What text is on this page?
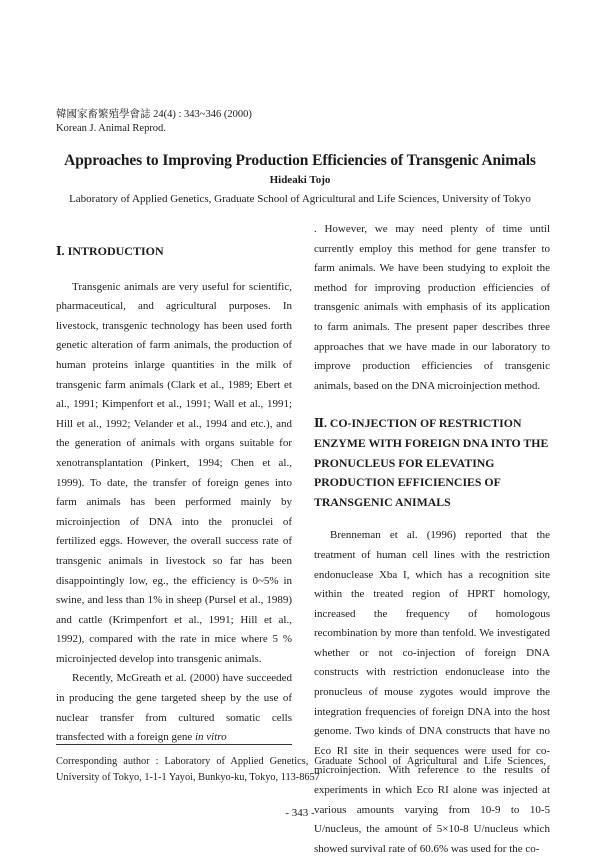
韓國家畜繁殖學會誌 24(4) : 343~346 (2000)
Korean J. Animal Reprod.
Approaches to Improving Production Efficiencies of Transgenic Animals
Hideaki Tojo
Laboratory of Applied Genetics, Graduate School of Agricultural and Life Sciences, University of Tokyo

Ⅰ. INTRODUCTION

Transgenic animals are very useful for scientific, pharmaceutical, and agricultural purposes. In livestock, transgenic technology has been used forth genetic alteration of farm animals, the production of human proteins inlarge quantities in the milk of transgenic farm animals (Clark et al., 1989; Ebert et al., 1991; Kimpenfort et al., 1991; Wall et al., 1991; Hill et al., 1992; Velander et al., 1994 and etc.), and the generation of animals with organs suitable for xenotransplantation (Pinkert, 1994; Chen et al., 1999). To date, the transfer of foreign genes into farm animals has been performed mainly by microinjection of DNA into the pronuclei of fertilized eggs. However, the overall success rate of transgenic animals in livestock so far has been disappointingly low, eg., the efficiency is 0~5% in swine, and less than 1% in sheep (Pursel et al., 1989) and cattle (Krimpenfort et al., 1991; Hill et al., 1992), compared with the rate in mice where 5 % microinjected develop into transgenic animals.

Recently, McGreath et al. (2000) have succeeded in producing the gene targeted sheep by the use of nuclear transfer from cultured somatic cells transfected with a foreign gene in vitro

. However, we may need plenty of time until currently employ this method for gene transfer to farm animals. We have been studying to exploit the method for improving production efficiencies of transgenic animals with emphasis of its application to farm animals. The present paper describes three approaches that we have made in our laboratory to improve production efficiencies of transgenic animals, based on the DNA microinjection method.

Ⅱ. CO-INJECTION OF RESTRICTION ENZYME WITH FOREIGN DNA INTO THE PRONUCLEUS FOR ELEVATING PRODUCTION EFFICIENCIES OF TRANSGENIC ANIMALS

Brenneman et al. (1996) reported that the treatment of human cell lines with the restriction endonuclease Xba I, which has a recognition site within the treated region of HPRT homology, increased the frequency of homologous recombination by more than tenfold. We investigated whether or not co-injection of foreign DNA constructs with restriction endonuclease into the pronucleus of mouse zygotes would improve the integration frequencies of foreign DNA into the host genome. Two kinds of DNA constructs that have no Eco RI site in their sequences were used for co-microinjection. With reference to the results of experiments in which Eco RI alone was injected at various amounts varying from 10-9 to 10-5 U/nucleus, the amount of 5×10-8 U/nucleus which showed survival rate of 60.6% was used for the co-

Corresponding author : Laboratory of Applied Genetics, Graduate School of Agricultural and Life Sciences, University of Tokyo, 1-1-1 Yayoi, Bunkyo-ku, Tokyo, 113-8657
- 343 -
